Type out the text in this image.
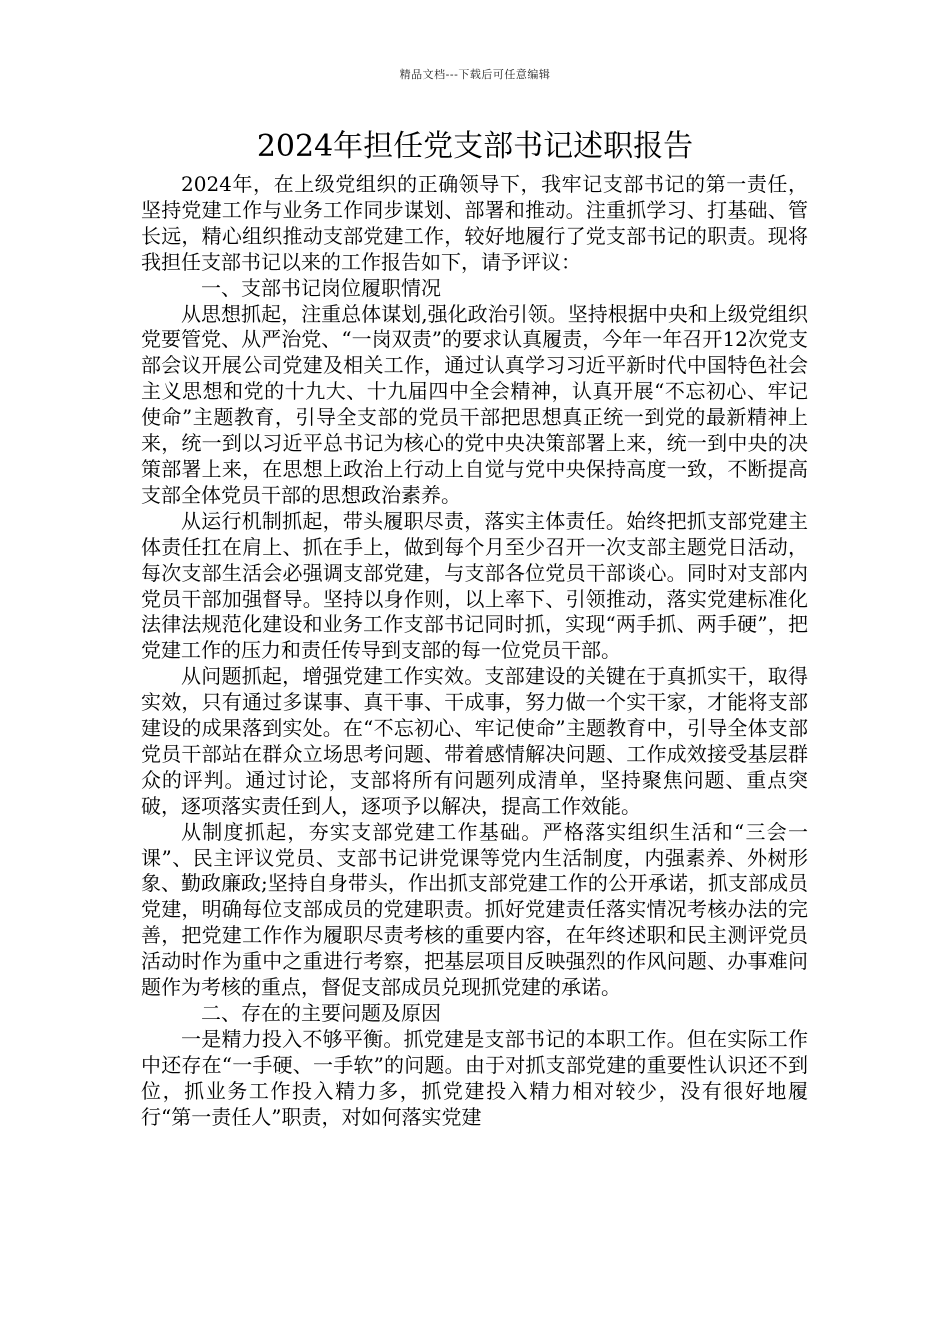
精品文档---下载后可任意编辑
2024年担任党支部书记述职报告

2024年，在上级党组织的正确领导下，我牢记支部书记的第一责任，坚持党建工作与业务工作同步谋划、部署和推动。注重抓学习、打基础、管长远，精心组织推动支部党建工作，较好地履行了党支部书记的职责。现将我担任支部书记以来的工作报告如下，请予评议：

一、支部书记岗位履职情况

从思想抓起，注重总体谋划,强化政治引领。坚持根据中央和上级党组织党要管党、从严治党、“一岗双责”的要求认真履责，今年一年召开12次党支部会议开展公司党建及相关工作，通过认真学习习近平新时代中国特色社会主义思想和党的十九大、十九届四中全会精神，认真开展“不忘初心、牢记使命”主题教育，引导全支部的党员干部把思想真正统一到党的最新精神上来，统一到以习近平总书记为核心的党中央决策部署上来，统一到中央的决策部署上来，在思想上政治上行动上自觉与党中央保持高度一致，不断提高支部全体党员干部的思想政治素养。

从运行机制抓起，带头履职尽责，落实主体责任。始终把抓支部党建主体责任扛在肩上、抓在手上，做到每个月至少召开一次支部主题党日活动，每次支部生活会必强调支部党建，与支部各位党员干部谈心。同时对支部内党员干部加强督导。坚持以身作则，以上率下、引领推动，落实党建标准化法律法规范化建设和业务工作支部书记同时抓，实现“两手抓、两手硬”，把党建工作的压力和责任传导到支部的每一位党员干部。

从问题抓起，增强党建工作实效。支部建设的关键在于真抓实干，取得实效，只有通过多谋事、真干事、干成事，努力做一个实干家，才能将支部建设的成果落到实处。在“不忘初心、牢记使命”主题教育中，引导全体支部党员干部站在群众立场思考问题、带着感情解决问题、工作成效接受基层群众的评判。通过讨论，支部将所有问题列成清单，坚持聚焦问题、重点突破，逐项落实责任到人，逐项予以解决，提高工作效能。

从制度抓起，夯实支部党建工作基础。严格落实组织生活和“三会一课”、民主评议党员、支部书记讲党课等党内生活制度，内强素养、外树形象、勤政廉政;坚持自身带头，作出抓支部党建工作的公开承诺，抓支部成员党建，明确每位支部成员的党建职责。抓好党建责任落实情况考核办法的完善，把党建工作作为履职尽责考核的重要内容，在年终述职和民主测评党员活动时作为重中之重进行考察，把基层项目反映强烈的作风问题、办事难问题作为考核的重点，督促支部成员兑现抓党建的承诺。

二、存在的主要问题及原因

一是精力投入不够平衡。抓党建是支部书记的本职工作。但在实际工作中还存在“一手硬、一手软”的问题。由于对抓支部党建的重要性认识还不到位，抓业务工作投入精力多，抓党建投入精力相对较少，没有很好地履行“第一责任人”职责，对如何落实党建
